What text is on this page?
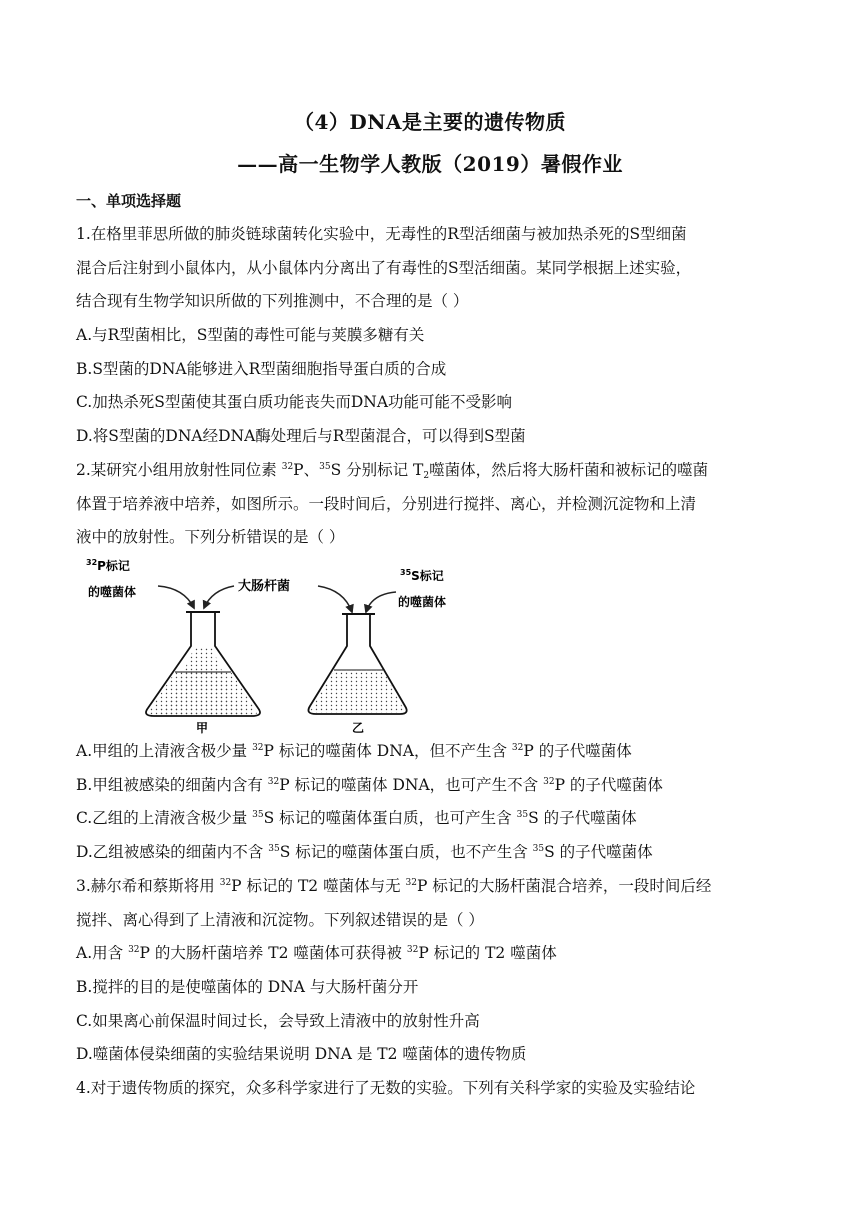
（4）DNA是主要的遗传物质
——高一生物学人教版（2019）暑假作业
一、单项选择题
1.在格里菲思所做的肺炎链球菌转化实验中，无毒性的R型活细菌与被加热杀死的S型细菌
混合后注射到小鼠体内，从小鼠体内分离出了有毒性的S型活细菌。某同学根据上述实验，
结合现有生物学知识所做的下列推测中，不合理的是（ ）
A.与R型菌相比，S型菌的毒性可能与荚膜多糖有关
B.S型菌的DNA能够进入R型菌细胞指导蛋白质的合成
C.加热杀死S型菌使其蛋白质功能丧失而DNA功能可能不受影响
D.将S型菌的DNA经DNA酶处理后与R型菌混合，可以得到S型菌
2.某研究小组用放射性同位素 $^{32}$P、$^{35}$S 分别标记 $T_2$噬菌体，然后将大肠杆菌和被标记的噬菌
体置于培养液中培养，如图所示。一段时间后，分别进行搅拌、离心，并检测沉淀物和上清
液中的放射性。下列分析错误的是（ ）
$^{32}$P标记
的噬菌体	大肠杆菌
$^{35}$S标记
的噬菌体
甲	乙
A.甲组的上清液含极少量 $^{32}$P 标记的噬菌体 DNA，但不产生含 $^{32}$P 的子代噬菌体
B.甲组被感染的细菌内含有 $^{32}$P 标记的噬菌体 DNA，也可产生不含 $^{32}$P 的子代噬菌体
C.乙组的上清液含极少量 $^{35}$S 标记的噬菌体蛋白质，也可产生含 $^{35}$S 的子代噬菌体
D.乙组被感染的细菌内不含 $^{35}$S 标记的噬菌体蛋白质，也不产生含 $^{35}$S 的子代噬菌体
3.赫尔希和蔡斯将用 $^{32}$P 标记的 T2 噬菌体与无 $^{32}$P 标记的大肠杆菌混合培养，一段时间后经
搅拌、离心得到了上清液和沉淀物。下列叙述错误的是（ ）
A.用含 $^{32}$P 的大肠杆菌培养 T2 噬菌体可获得被 $^{32}$P 标记的 T2 噬菌体
B.搅拌的目的是使噬菌体的 DNA 与大肠杆菌分开
C.如果离心前保温时间过长，会导致上清液中的放射性升高
D.噬菌体侵染细菌的实验结果说明 DNA 是 T2 噬菌体的遗传物质
4.对于遗传物质的探究，众多科学家进行了无数的实验。下列有关科学家的实验及实验结论
